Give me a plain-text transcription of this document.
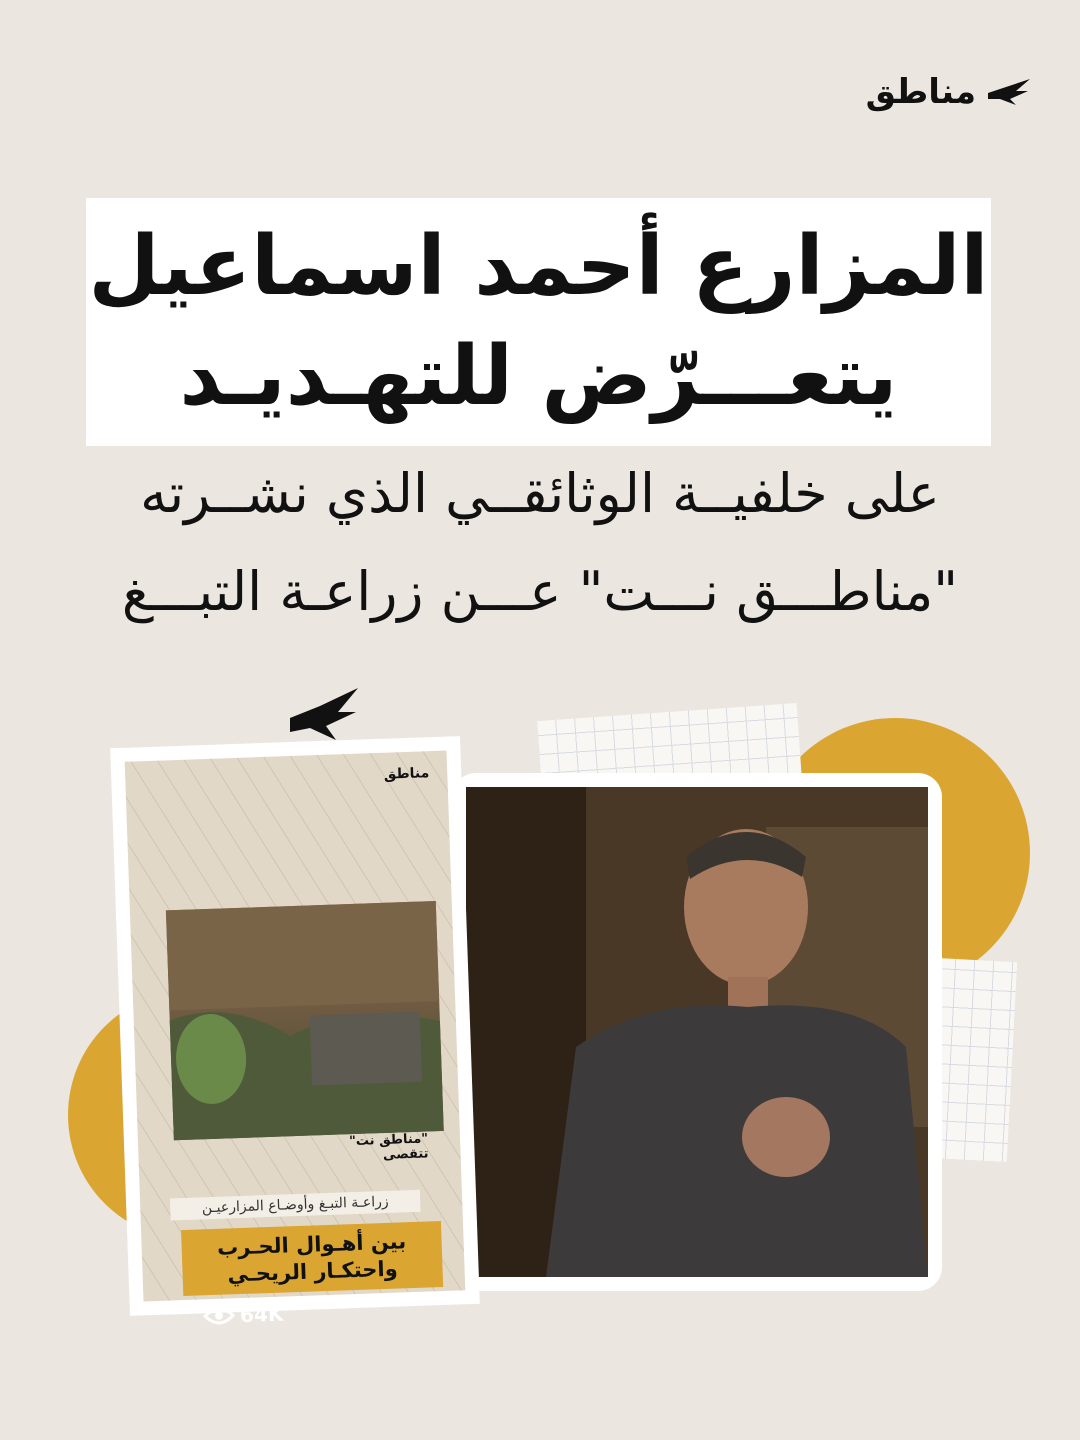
مناطق
المزارع أحمد اسماعيل
يتعـــرّض للتهـديـد
على خلفيــة الوثائقــي الذي نشــرته
"مناطـــق نـــت" عـــن زراعـة التبـــغ
مناطق
"مناطق نت"
تتقصى
زراعـة التبـغ وأوضـاع المزارعيـن
بين أهـوال الحـرب
واحتكـار الريحـي
64K
